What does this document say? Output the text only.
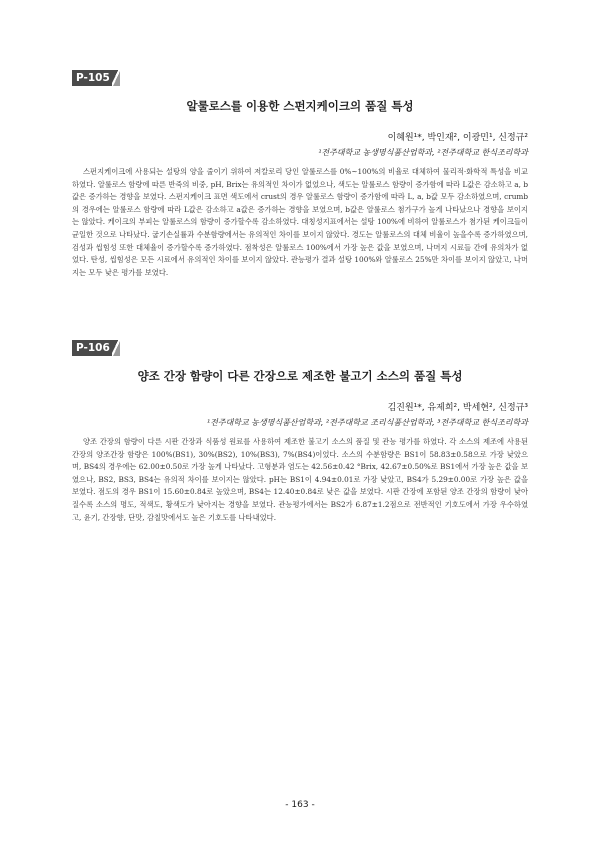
P-105
알룰로스를 이용한 스펀지케이크의 품질 특성

이혜원¹*, 박인재², 이광민¹, 신정규²

¹전주대학교 농생명식품산업학과, ²전주대학교 한식조리학과

스펀지케이크에 사용되는 설탕의 양을 줄이기 위하여 저칼로리 당인 알룰로스를 0%~100%의 비율로 대체하여 물리적·화학적 특성을 비교하였다. 알룰로스 함량에 따른 반죽의 비중, pH, Brix는 유의적인 차이가 없었으나, 색도는 알룰로스 함량이 증가함에 따라 L값은 감소하고 a, b값은 증가하는 경향을 보였다. 스펀지케이크 표면 색도에서 crust의 경우 알룰로스 함량이 증가함에 따라 L, a, b값 모두 감소하였으며, crumb의 경우에는 알룰로스 함량에 따라 L값은 감소하고 a값은 증가하는 경향을 보였으며, b값은 알룰로스 첨가구가 높게 나타났으나 경향을 보이지는 않았다. 케이크의 부피는 알룰로스의 함량이 증가할수록 감소하였다. 대칭성지표에서는 설탕 100%에 비하여 알룰로스가 첨가된 케이크들이 균일한 것으로 나타났다. 굽기손실률과 수분함량에서는 유의적인 차이를 보이지 않았다. 경도는 알룰로스의 대체 비율이 높을수록 증가하였으며, 검성과 씹힘성 또한 대체율이 증가할수록 증가하였다. 점착성은 알룰로스 100%에서 가장 높은 값을 보였으며, 나머지 시료들 간에 유의차가 없었다. 탄성, 씹힘성은 모든 시료에서 유의적인 차이를 보이지 않았다. 관능평가 결과 설탕 100%와 알룰로스 25%만 차이를 보이지 않았고, 나머지는 모두 낮은 평가를 보였다.

P-106
양조 간장 함량이 다른 간장으로 제조한 불고기 소스의 품질 특성

김진원¹*, 유제희², 박세현², 신정규³

¹전주대학교 농생명식품산업학과, ²전주대학교 조리식품산업학과, ³전주대학교 한식조리학과

양조 간장의 함량이 다른 시판 간장과 식품성 원료를 사용하여 제조한 불고기 소스의 품질 및 관능 평가를 하였다. 각 소스의 제조에 사용된 간장의 양조간장 함량은 100%(BS1), 30%(BS2), 10%(BS3), 7%(BS4)이었다. 소스의 수분함량은 BS1이 58.83±0.58으로 가장 낮았으며, BS4의 경우에는 62.00±0.50로 가장 높게 나타났다. 고형분과 염도는 42.56±0.42 °Brix, 42.67±0.50%로 BS1에서 가장 높은 값을 보였으나, BS2, BS3, BS4는 유의적 차이를 보이지는 않았다. pH는 BS1이 4.94±0.01로 가장 낮았고, BS4가 5.29±0.00로 가장 높은 값을 보였다. 점도의 경우 BS1이 15.60±0.84로 높았으며, BS4는 12.40±0.84로 낮은 값을 보였다. 시판 간장에 포함된 양조 간장의 함량이 낮아질수록 소스의 명도, 적색도, 황색도가 낮아지는 경향을 보였다. 관능평가에서는 BS2가 6.87±1.2점으로 전반적인 기호도에서 가장 우수하였고, 윤기, 간장향, 단맛, 감칠맛에서도 높은 기호도를 나타내었다.

- 163 -
